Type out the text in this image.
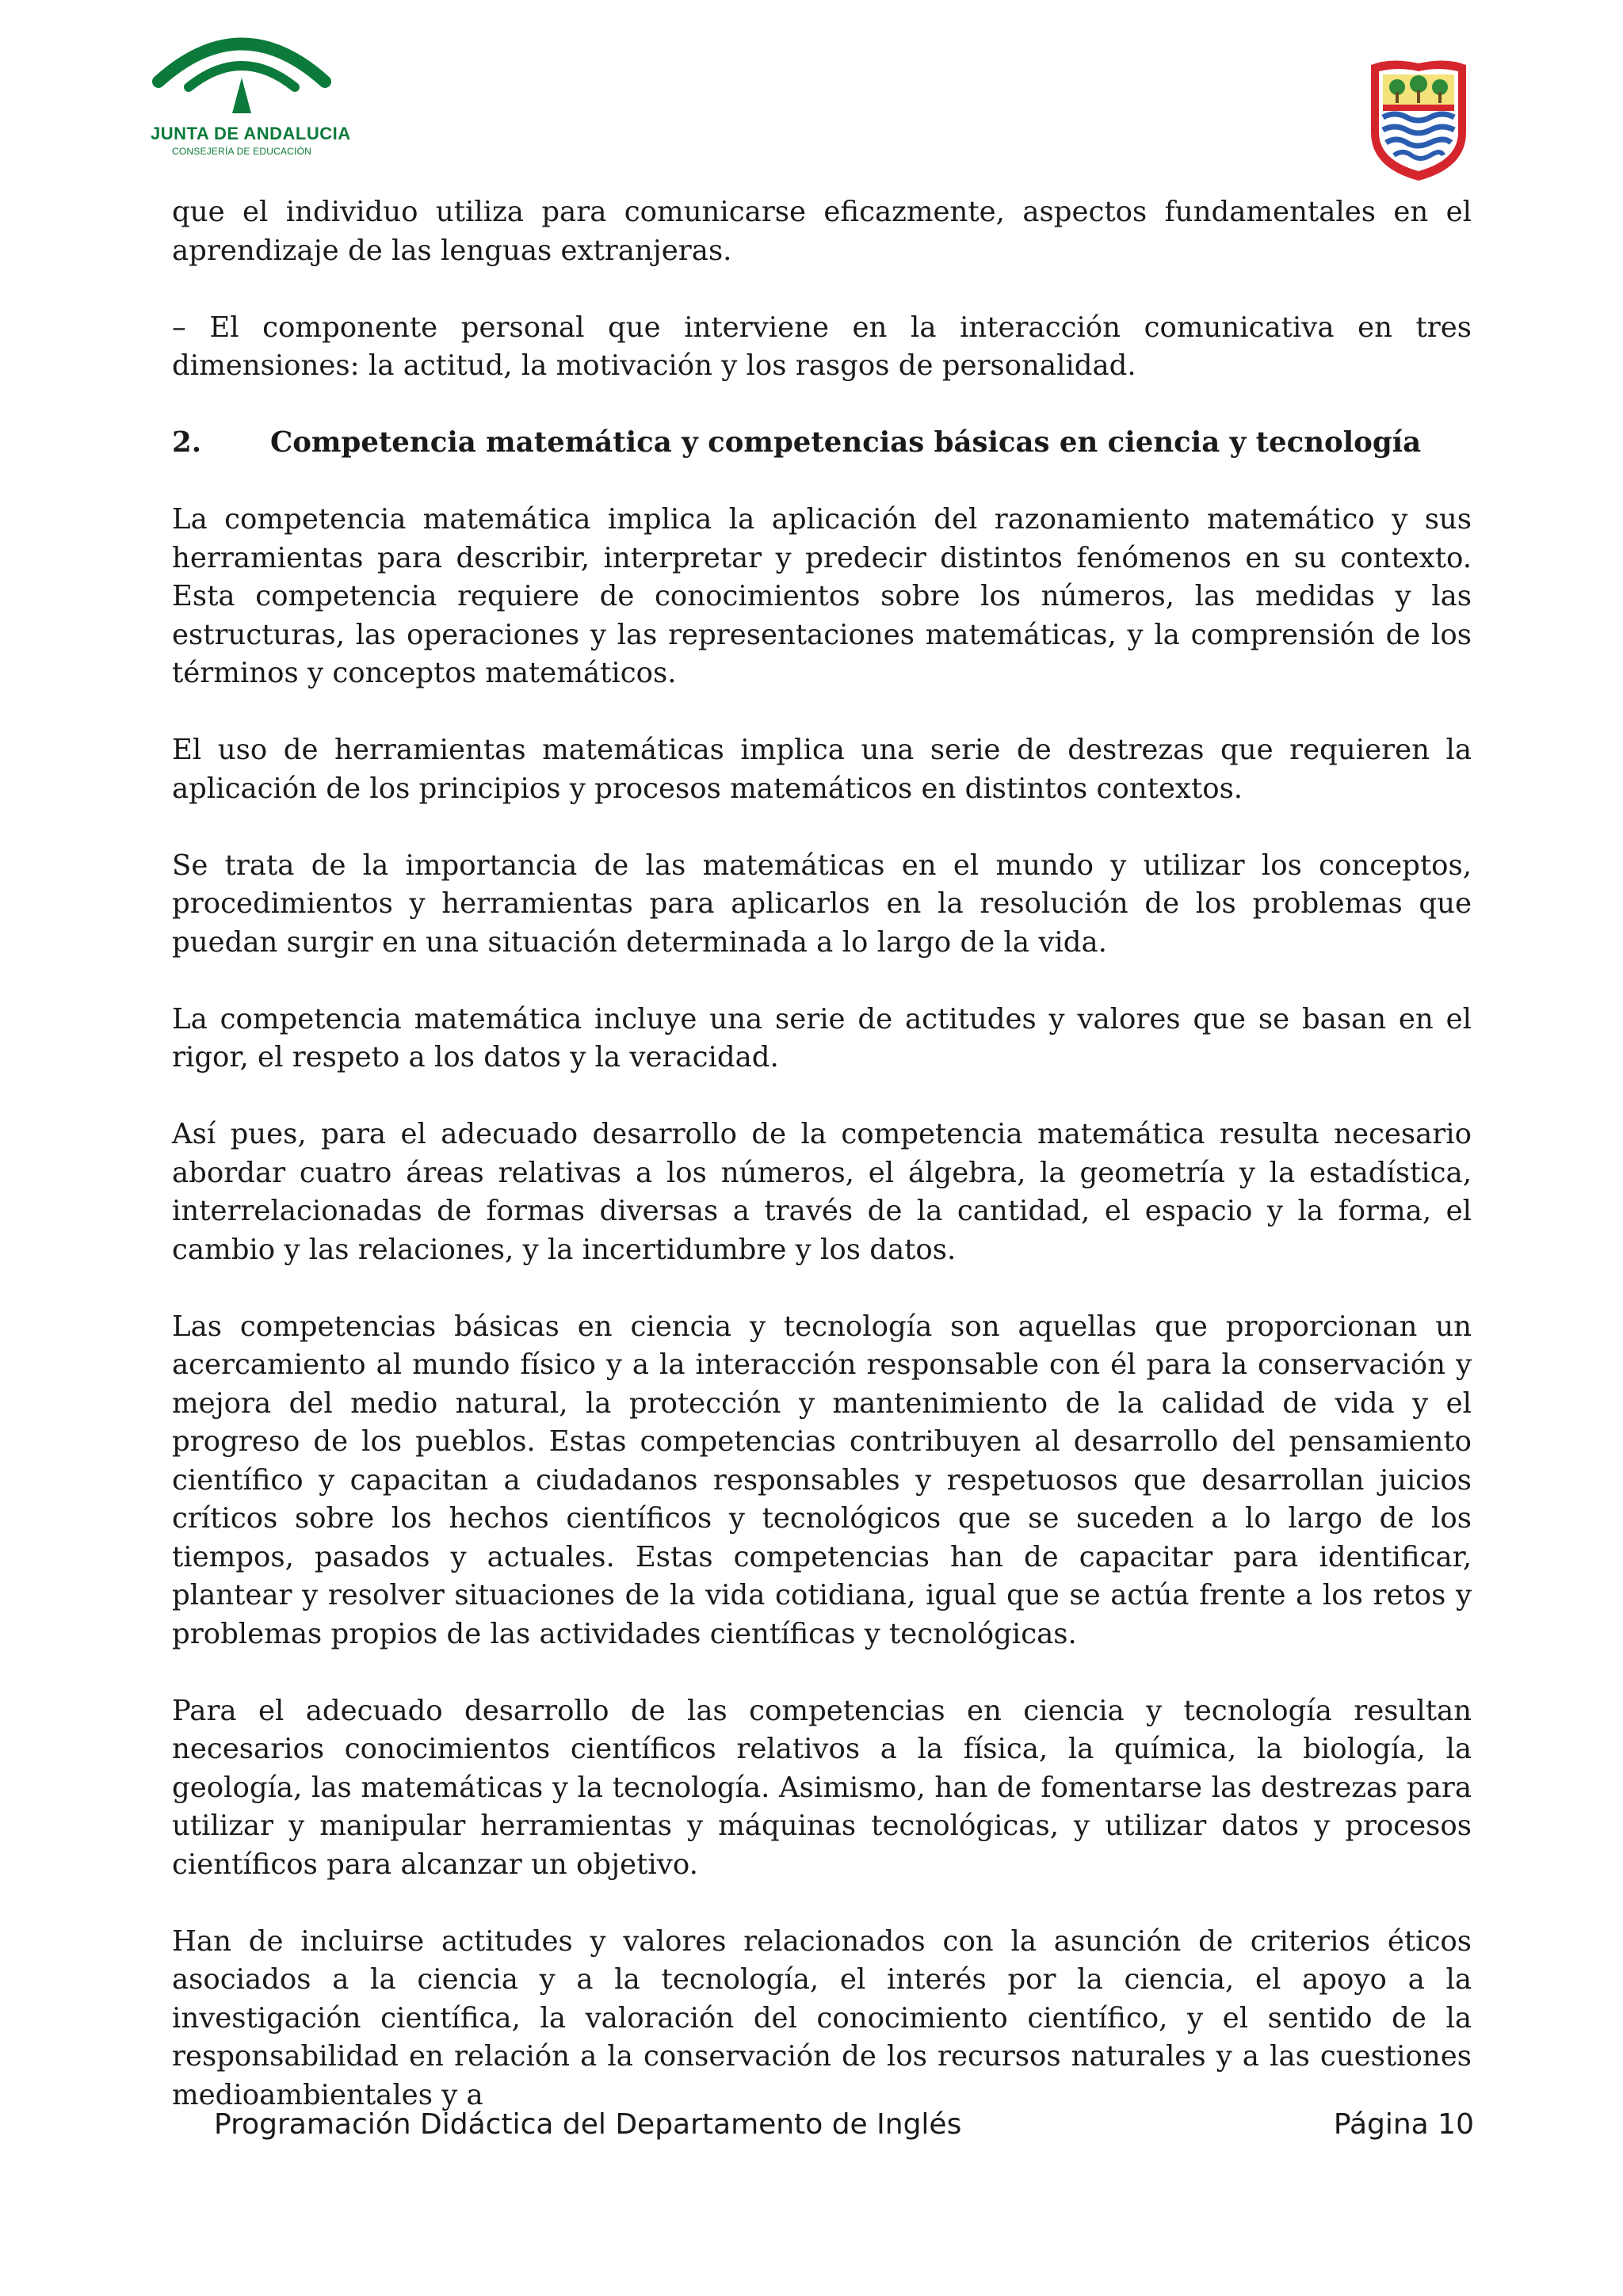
JUNTA DE ANDALUCIA
CONSEJERÍA DE EDUCACIÓN

que el individuo utiliza para comunicarse eficazmente, aspectos fundamentales en el aprendizaje de las lenguas extranjeras.

– El componente personal que interviene en la interacción comunicativa en tres dimensiones: la actitud, la motivación y los rasgos de personalidad.

2. Competencia matemática y competencias básicas en ciencia y tecnología

La competencia matemática implica la aplicación del razonamiento matemático y sus herramientas para describir, interpretar y predecir distintos fenómenos en su contexto. Esta competencia requiere de conocimientos sobre los números, las medidas y las estructuras, las operaciones y las representaciones matemáticas, y la comprensión de los términos y conceptos matemáticos.

El uso de herramientas matemáticas implica una serie de destrezas que requieren la aplicación de los principios y procesos matemáticos en distintos contextos.

Se trata de la importancia de las matemáticas en el mundo y utilizar los conceptos, procedimientos y herramientas para aplicarlos en la resolución de los problemas que puedan surgir en una situación determinada a lo largo de la vida.

La competencia matemática incluye una serie de actitudes y valores que se basan en el rigor, el respeto a los datos y la veracidad.

Así pues, para el adecuado desarrollo de la competencia matemática resulta necesario abordar cuatro áreas relativas a los números, el álgebra, la geometría y la estadística, interrelacionadas de formas diversas a través de la cantidad, el espacio y la forma, el cambio y las relaciones, y la incertidumbre y los datos.

Las competencias básicas en ciencia y tecnología son aquellas que proporcionan un acercamiento al mundo físico y a la interacción responsable con él para la conservación y mejora del medio natural, la protección y mantenimiento de la calidad de vida y el progreso de los pueblos. Estas competencias contribuyen al desarrollo del pensamiento científico y capacitan a ciudadanos responsables y respetuosos que desarrollan juicios críticos sobre los hechos científicos y tecnológicos que se suceden a lo largo de los tiempos, pasados y actuales. Estas competencias han de capacitar para identificar, plantear y resolver situaciones de la vida cotidiana, igual que se actúa frente a los retos y problemas propios de las actividades científicas y tecnológicas.

Para el adecuado desarrollo de las competencias en ciencia y tecnología resultan necesarios conocimientos científicos relativos a la física, la química, la biología, la geología, las matemáticas y la tecnología. Asimismo, han de fomentarse las destrezas para utilizar y manipular herramientas y máquinas tecnológicas, y utilizar datos y procesos científicos para alcanzar un objetivo.

Han de incluirse actitudes y valores relacionados con la asunción de criterios éticos asociados a la ciencia y a la tecnología, el interés por la ciencia, el apoyo a la investigación científica, la valoración del conocimiento científico, y el sentido de la responsabilidad en relación a la conservación de los recursos naturales y a las cuestiones medioambientales y a

Programación Didáctica del Departamento de Inglés	Página 10
